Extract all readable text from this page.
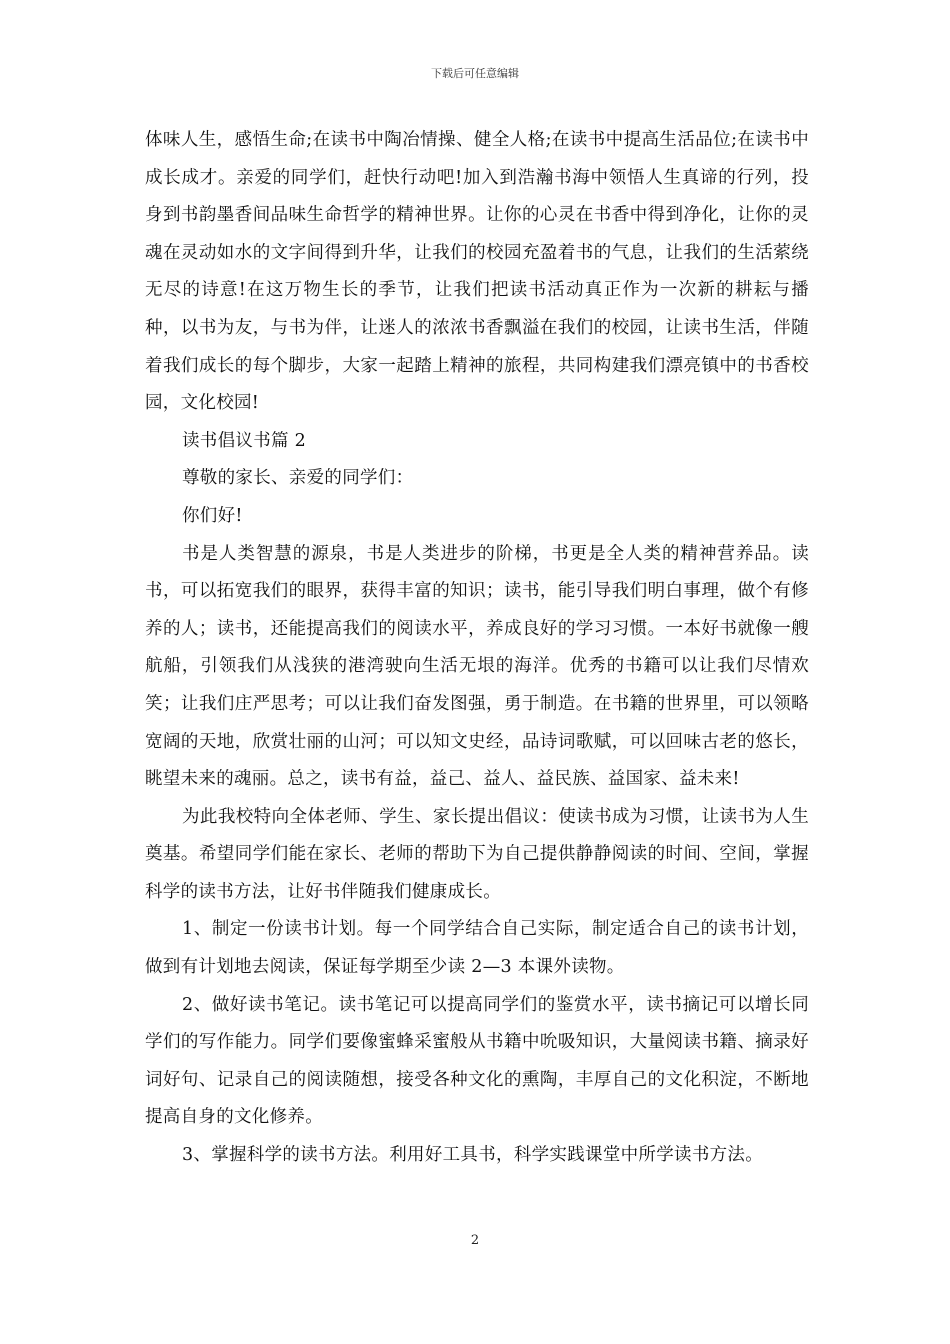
下载后可任意编辑

体味人生，感悟生命;在读书中陶冶情操、健全人格;在读书中提高生活品位;在读书中成长成才。亲爱的同学们，赶快行动吧!加入到浩瀚书海中领悟人生真谛的行列，投身到书韵墨香间品味生命哲学的精神世界。让你的心灵在书香中得到净化，让你的灵魂在灵动如水的文字间得到升华，让我们的校园充盈着书的气息，让我们的生活萦绕无尽的诗意!在这万物生长的季节，让我们把读书活动真正作为一次新的耕耘与播种，以书为友，与书为伴，让迷人的浓浓书香飘溢在我们的校园，让读书生活，伴随着我们成长的每个脚步，大家一起踏上精神的旅程，共同构建我们漂亮镇中的书香校园，文化校园!

读书倡议书篇 2

尊敬的家长、亲爱的同学们：

你们好!

书是人类智慧的源泉，书是人类进步的阶梯，书更是全人类的精神营养品。读书，可以拓宽我们的眼界，获得丰富的知识；读书，能引导我们明白事理，做个有修养的人；读书，还能提高我们的阅读水平，养成良好的学习习惯。一本好书就像一艘航船，引领我们从浅狭的港湾驶向生活无垠的海洋。优秀的书籍可以让我们尽情欢笑；让我们庄严思考；可以让我们奋发图强，勇于制造。在书籍的世界里，可以领略宽阔的天地，欣赏壮丽的山河；可以知文史经，品诗词歌赋，可以回味古老的悠长，眺望未来的魂丽。总之，读书有益，益己、益人、益民族、益国家、益未来!

为此我校特向全体老师、学生、家长提出倡议：使读书成为习惯，让读书为人生奠基。希望同学们能在家长、老师的帮助下为自己提供静静阅读的时间、空间，掌握科学的读书方法，让好书伴随我们健康成长。

1、制定一份读书计划。每一个同学结合自己实际，制定适合自己的读书计划，做到有计划地去阅读，保证每学期至少读 2—3 本课外读物。

2、做好读书笔记。读书笔记可以提高同学们的鉴赏水平，读书摘记可以增长同学们的写作能力。同学们要像蜜蜂采蜜般从书籍中吮吸知识，大量阅读书籍、摘录好词好句、记录自己的阅读随想，接受各种文化的熏陶，丰厚自己的文化积淀，不断地提高自身的文化修养。

3、掌握科学的读书方法。利用好工具书，科学实践课堂中所学读书方法。

2
